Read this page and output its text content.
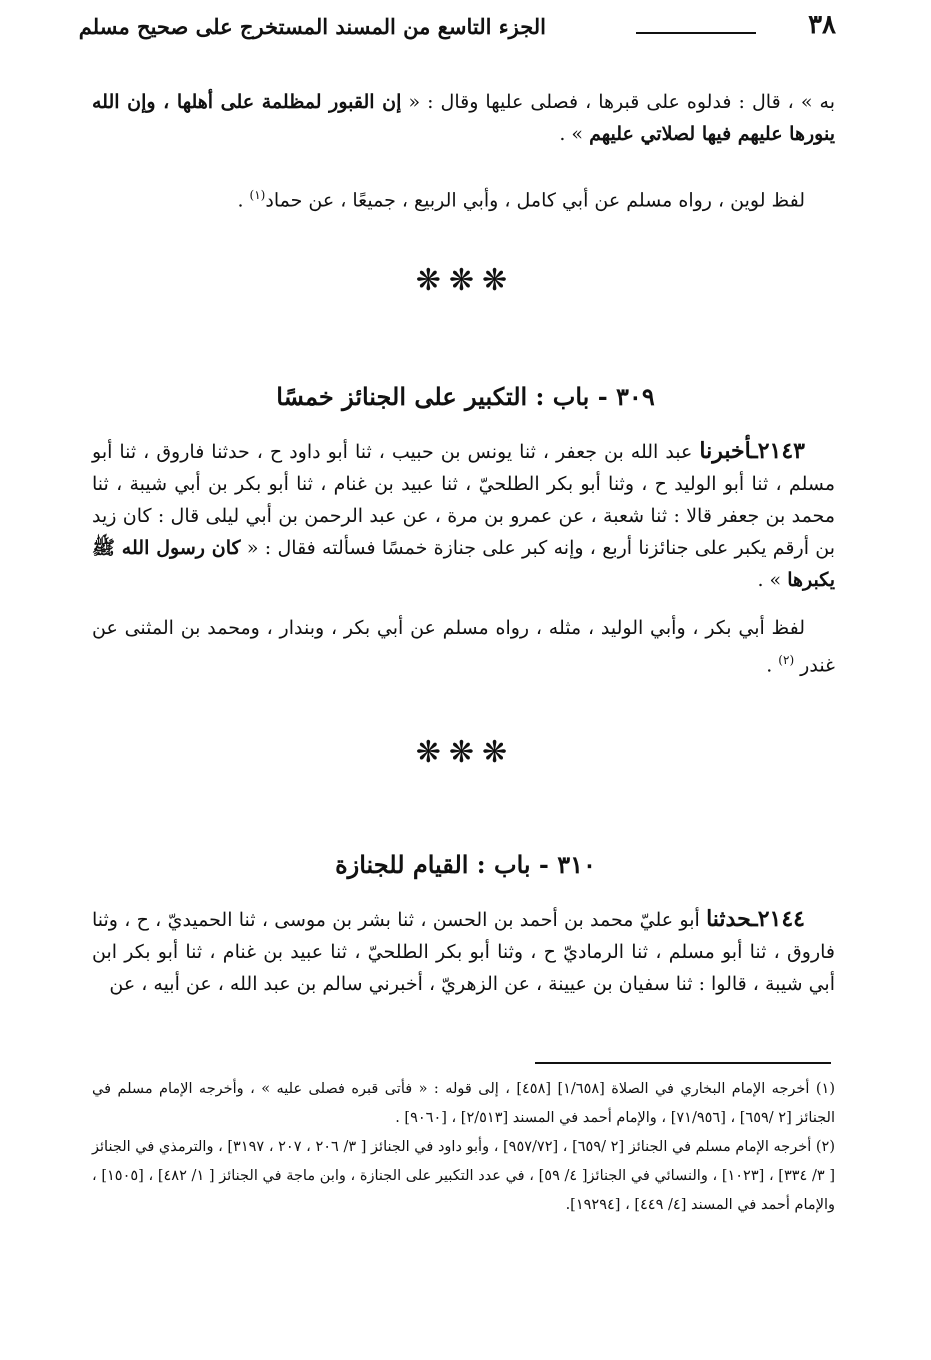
٣٨
الجزء التاسع من المسند المستخرج على صحيح مسلم
به » ، قال : فدلوه على قبرها ، فصلى عليها وقال : « إن القبور لمظلمة على أهلها ، وإن الله ينورها عليهم فيها لصلاتي عليهم » .
لفظ لوين ، رواه مسلم عن أبي كامل ، وأبي الربيع ، جميعًا ، عن حماد$^{(١)}$ .
❋❋❋
٣٠٩ - باب : التكبير على الجنائز خمسًا
٢١٤٣ـأخبرنا عبد الله بن جعفر ، ثنا يونس بن حبيب ، ثنا أبو داود ح ، حدثنا فاروق ، ثنا أبو مسلم ، ثنا أبو الوليد ح ، وثنا أبو بكر الطلحيّ ، ثنا عبيد بن غنام ، ثنا أبو بكر بن أبي شيبة ، ثنا محمد بن جعفر قالا : ثنا شعبة ، عن عمرو بن مرة ، عن عبد الرحمن بن أبي ليلى قال : كان زيد بن أرقم يكبر على جنائزنا أربع ، وإنه كبر على جنازة خمسًا فسألته فقال : « كان رسول الله ﷺ يكبرها » .
لفظ أبي بكر ، وأبي الوليد ، مثله ، رواه مسلم عن أبي بكر ، وبندار ، ومحمد بن المثنى عن غندر $^{(٢)}$ .
❋❋❋
٣١٠ - باب : القيام للجنازة
٢١٤٤ـحدثنا أبو عليّ محمد بن أحمد بن الحسن ، ثنا بشر بن موسى ، ثنا الحميديّ ، ح ، وثنا فاروق ، ثنا أبو مسلم ، ثنا الرماديّ ح ، وثنا أبو بكر الطلحيّ ، ثنا عبيد بن غنام ، ثنا أبو بكر ابن أبي شيبة ، قالوا : ثنا سفيان بن عيينة ، عن الزهريّ ، أخبرني سالم بن عبد الله ، عن أبيه ، عن
(١) أخرجه الإمام البخاري في الصلاة [١/٦٥٨] [٤٥٨] ، إلى قوله : « فأتى قبره فصلى عليه » ، وأخرجه الإمام مسلم في الجنائز [٢ /٦٥٩] ، [٧١/٩٥٦] ، والإمام أحمد في المسند [٢/٥١٣] ، [٩٠٦٠] .
(٢) أخرجه الإمام مسلم في الجنائز [٢ /٦٥٩] ، [٩٥٧/٧٢] ، وأبو داود في الجنائز [ ٣/ ٢٠٦ ، ٢٠٧ ، ٣١٩٧] ، والترمذي في الجنائز [ ٣/ ٣٣٤] ، [١٠٢٣] ، والنسائي في الجنائز[ ٤/ ٥٩] ، في عدد التكبير على الجنازة ، وابن ماجة في الجنائز [ ١/ ٤٨٢] ، [١٥٠٥] ، والإمام أحمد في المسند [٤/ ٤٤٩] ، [١٩٢٩٤].
